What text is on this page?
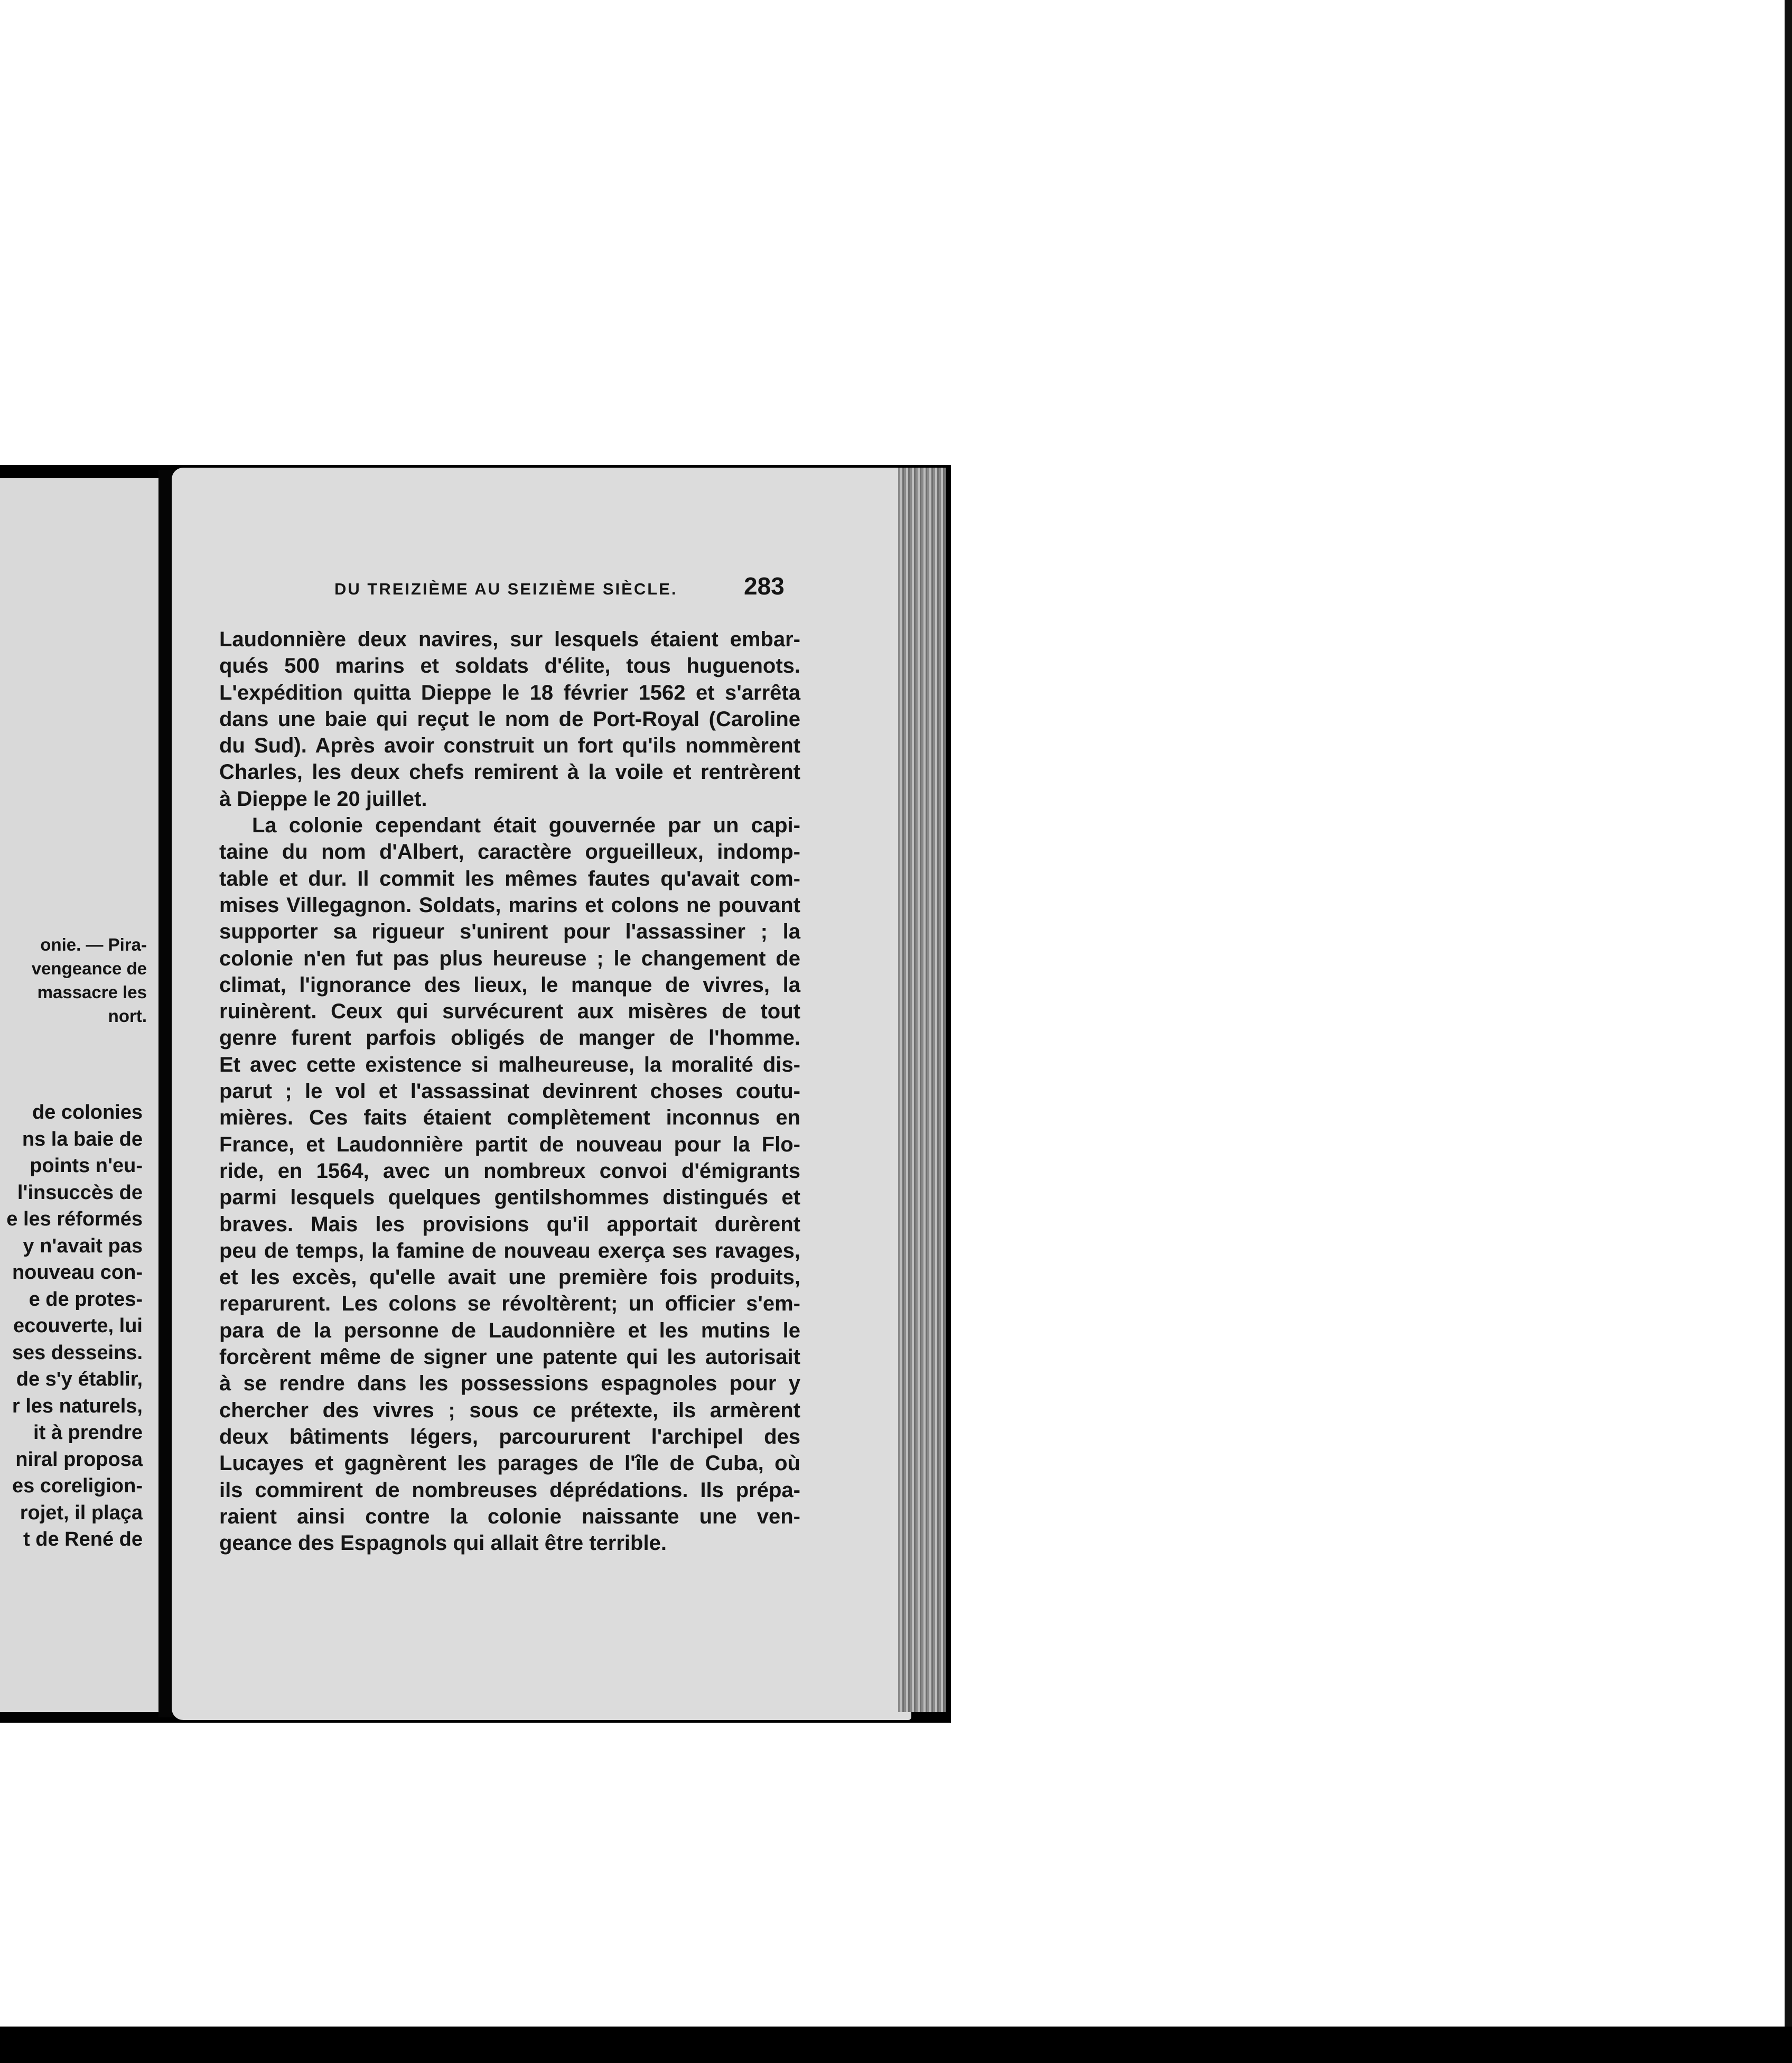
onie. — Pira-
vengeance de
massacre les
nort.
de colonies
ns la baie de
points n'eu-
l'insuccès de
e les réformés
y n'avait pas
nouveau con-
e de protes-
ecouverte, lui
ses desseins.
de s'y établir,
r les naturels,
it à prendre
niral proposa
es coreligion-
rojet, il plaça
t de René de
DU TREIZIÈME AU SEIZIÈME SIÈCLE.	283
Laudonnière deux navires, sur lesquels étaient embar-
qués 500 marins et soldats d'élite, tous huguenots.
L'expédition quitta Dieppe le 18 février 1562 et s'arrêta
dans une baie qui reçut le nom de Port-Royal (Caroline
du Sud). Après avoir construit un fort qu'ils nommèrent
Charles, les deux chefs remirent à la voile et rentrèrent
à Dieppe le 20 juillet.
La colonie cependant était gouvernée par un capi-
taine du nom d'Albert, caractère orgueilleux, indomp-
table et dur. Il commit les mêmes fautes qu'avait com-
mises Villegagnon. Soldats, marins et colons ne pouvant
supporter sa rigueur s'unirent pour l'assassiner ; la
colonie n'en fut pas plus heureuse ; le changement de
climat, l'ignorance des lieux, le manque de vivres, la
ruinèrent. Ceux qui survécurent aux misères de tout
genre furent parfois obligés de manger de l'homme.
Et avec cette existence si malheureuse, la moralité dis-
parut ; le vol et l'assassinat devinrent choses coutu-
mières. Ces faits étaient complètement inconnus en
France, et Laudonnière partit de nouveau pour la Flo-
ride, en 1564, avec un nombreux convoi d'émigrants
parmi lesquels quelques gentilshommes distingués et
braves. Mais les provisions qu'il apportait durèrent
peu de temps, la famine de nouveau exerça ses ravages,
et les excès, qu'elle avait une première fois produits,
reparurent. Les colons se révoltèrent; un officier s'em-
para de la personne de Laudonnière et les mutins le
forcèrent même de signer une patente qui les autorisait
à se rendre dans les possessions espagnoles pour y
chercher des vivres ; sous ce prétexte, ils armèrent
deux bâtiments légers, parcoururent l'archipel des
Lucayes et gagnèrent les parages de l'île de Cuba, où
ils commirent de nombreuses déprédations. Ils prépa-
raient ainsi contre la colonie naissante une ven-
geance des Espagnols qui allait être terrible.
